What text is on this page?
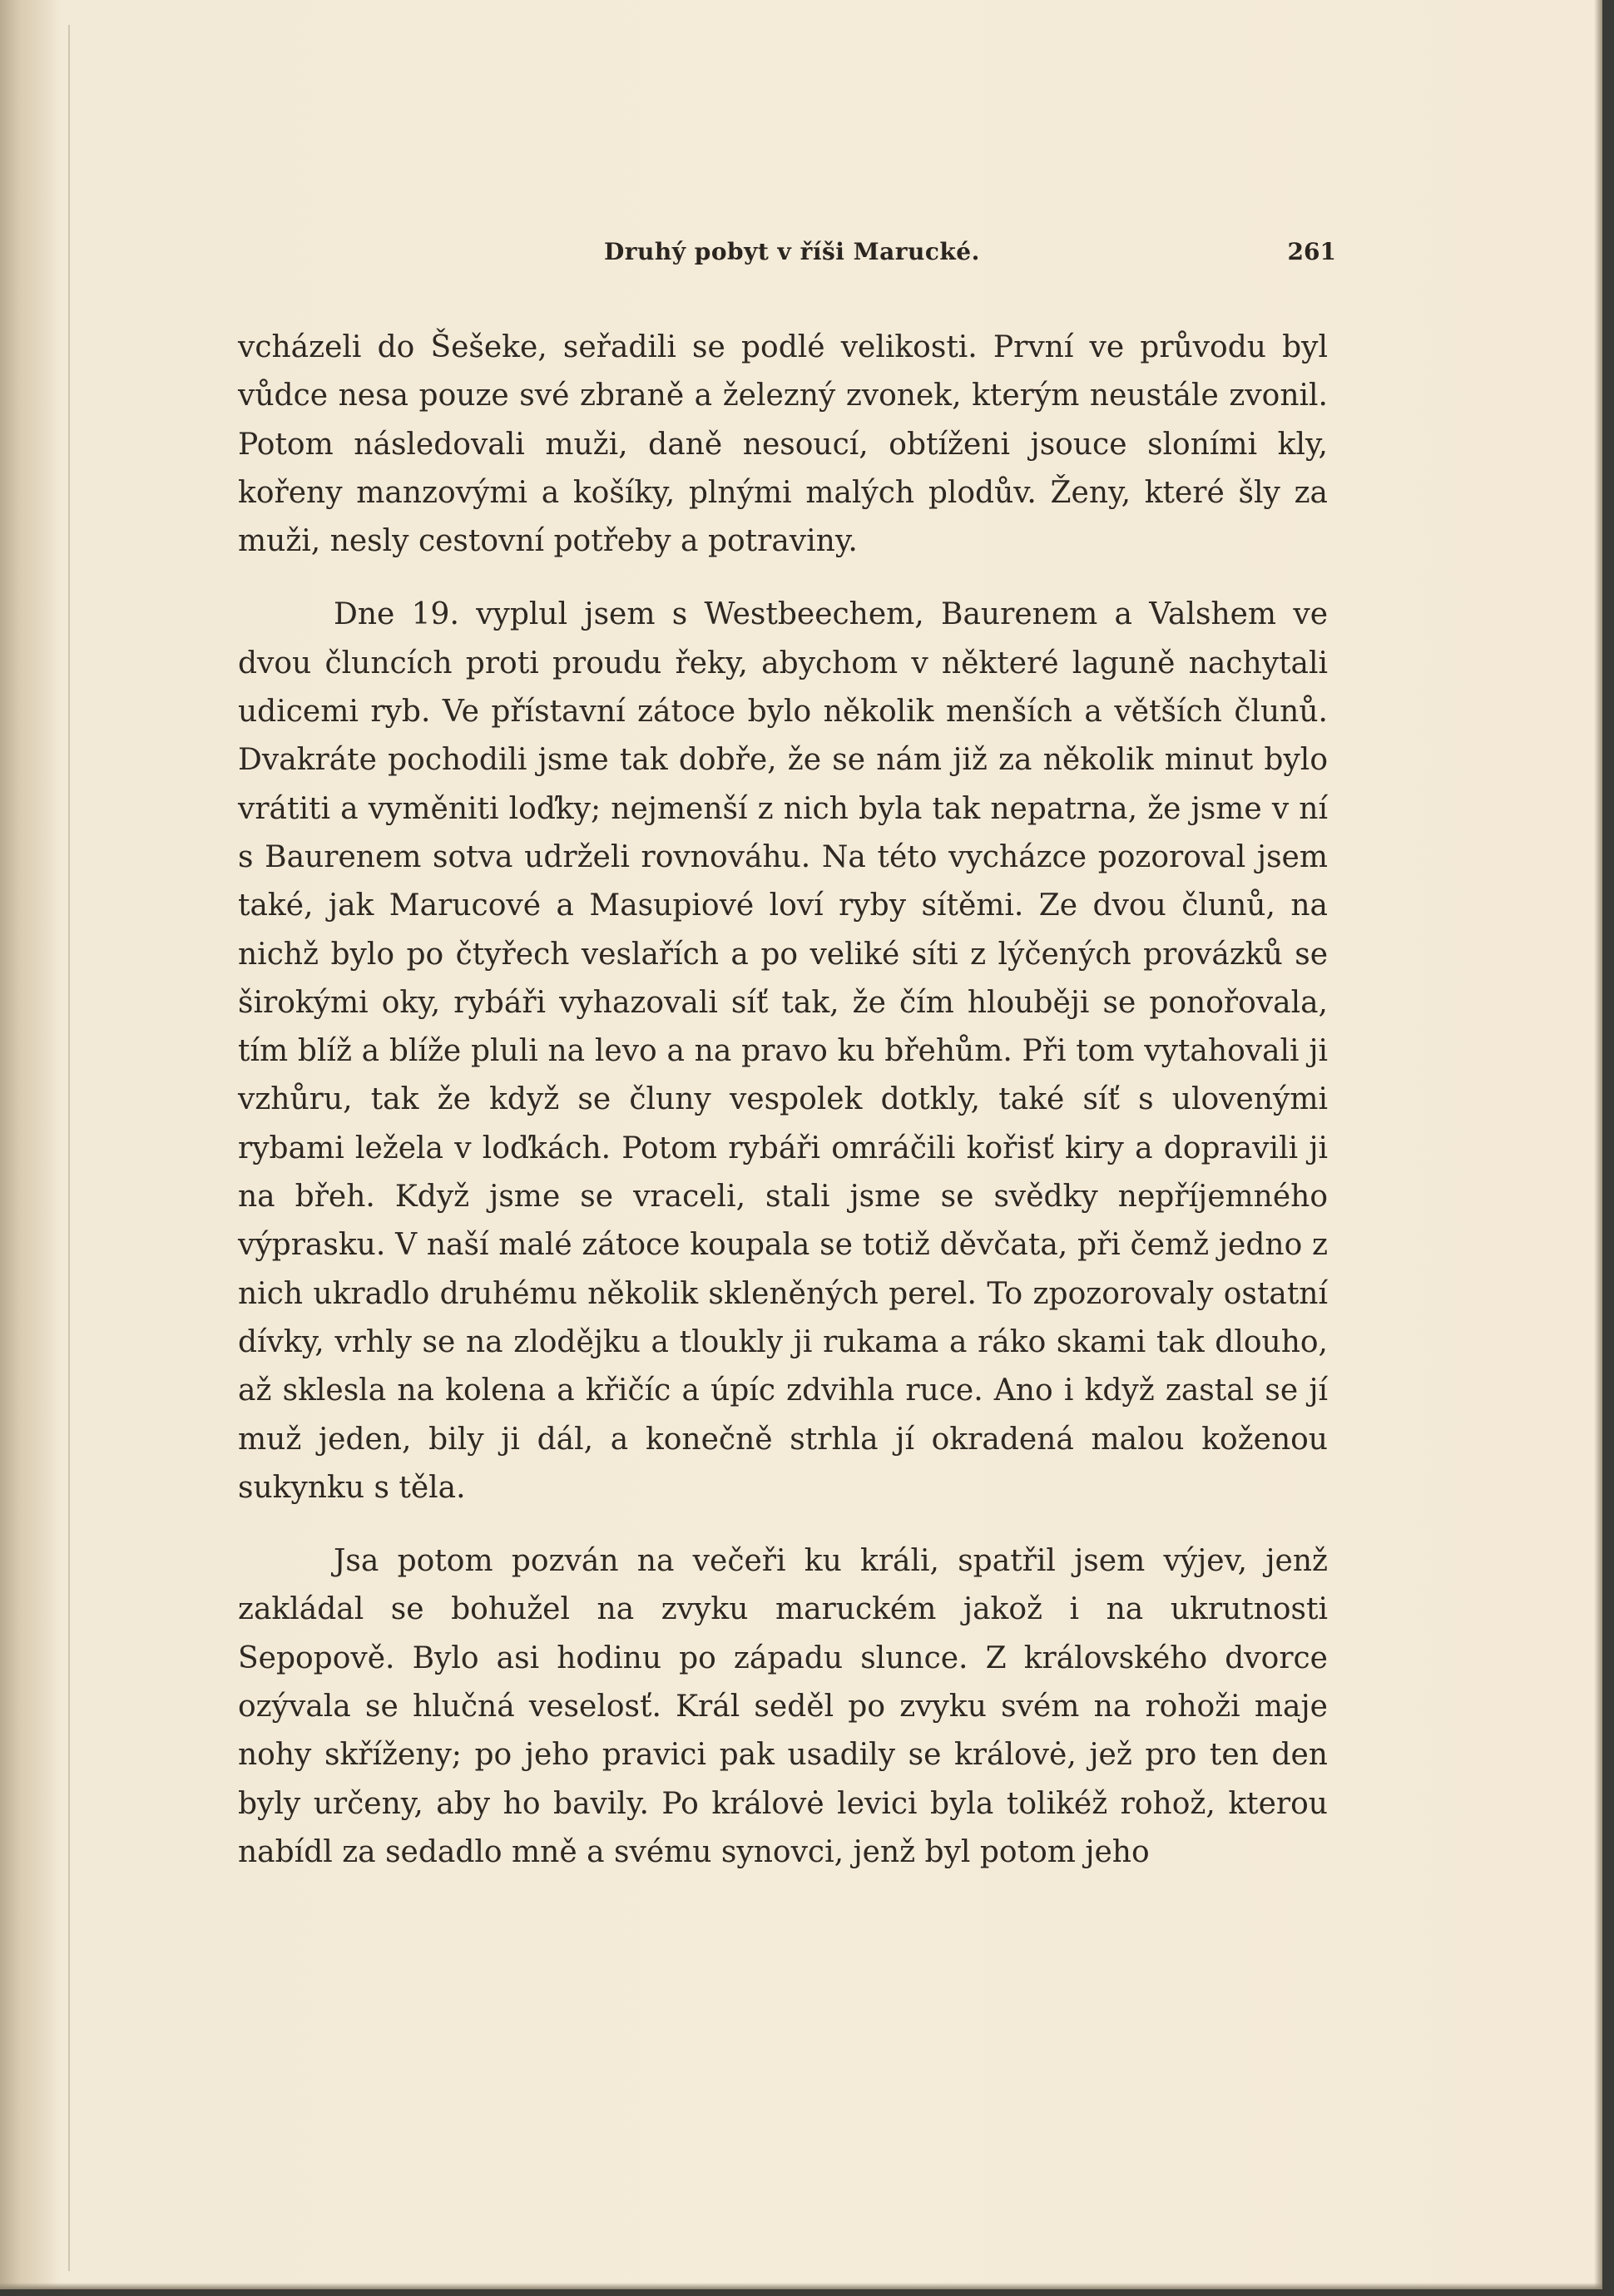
Druhý pobyt v říši Marucké.	261

vcházeli do Šešeke, seřadili se podlé velikosti. První ve průvodu byl vůdce nesa pouze své zbraně a železný zvonek, kterým neustále zvonil. Potom následovali muži, daně nesoucí, obtíženi jsouce sloními kly, kořeny manzovými a košíky, plnými malých plodův. Ženy, které šly za muži, nesly cestovní potřeby a potraviny.

Dne 19. vyplul jsem s Westbeechem, Baurenem a Valshem ve dvou čluncích proti proudu řeky, abychom v některé laguně nachytali udicemi ryb. Ve přístavní zátoce bylo několik menších a větších člunů. Dvakráte pochodili jsme tak dobře, že se nám již za několik minut bylo vrátiti a vyměniti loďky; nejmenší z nich byla tak nepatrna, že jsme v ní s Baurenem sotva udrželi rovnováhu. Na této vycházce pozoroval jsem také, jak Marucové a Masupiové loví ryby sítěmi. Ze dvou člunů, na nichž bylo po čtyřech veslařích a po veliké síti z lýčených provázků se širokými oky, rybáři vyhazovali síť tak, že čím hlouběji se ponořovala, tím blíž a blíže pluli na levo a na pravo ku břehům. Při tom vytahovali ji vzhůru, tak že když se čluny vespolek dotkly, také síť s ulovenými rybami ležela v loďkách. Potom rybáři omráčili kořisť kiry a dopravili ji na břeh. Když jsme se vraceli, stali jsme se svědky nepříjemného výprasku. V naší malé zátoce koupala se totiž děvčata, při čemž jedno z nich ukradlo druhému několik skleněných perel. To zpozorovaly ostatní dívky, vrhly se na zlodějku a tloukly ji rukama a ráko skami tak dlouho, až sklesla na kolena a křičíc a úpíc zdvihla ruce. Ano i když zastal se jí muž jeden, bily ji dál, a konečně strhla jí okradená malou koženou sukynku s těla.

Jsa potom pozván na večeři ku králi, spatřil jsem výjev, jenž zakládal se bohužel na zvyku maruckém jakož i na ukrutnosti Sepopově. Bylo asi hodinu po západu slunce. Z královského dvorce ozývala se hlučná veselosť. Král seděl po zvyku svém na rohoži maje nohy skříženy; po jeho pravici pak usadily se královė, jež pro ten den byly určeny, aby ho bavily. Po královė levici byla tolikéž rohož, kterou nabídl za sedadlo mně a svému synovci, jenž byl potom jeho
